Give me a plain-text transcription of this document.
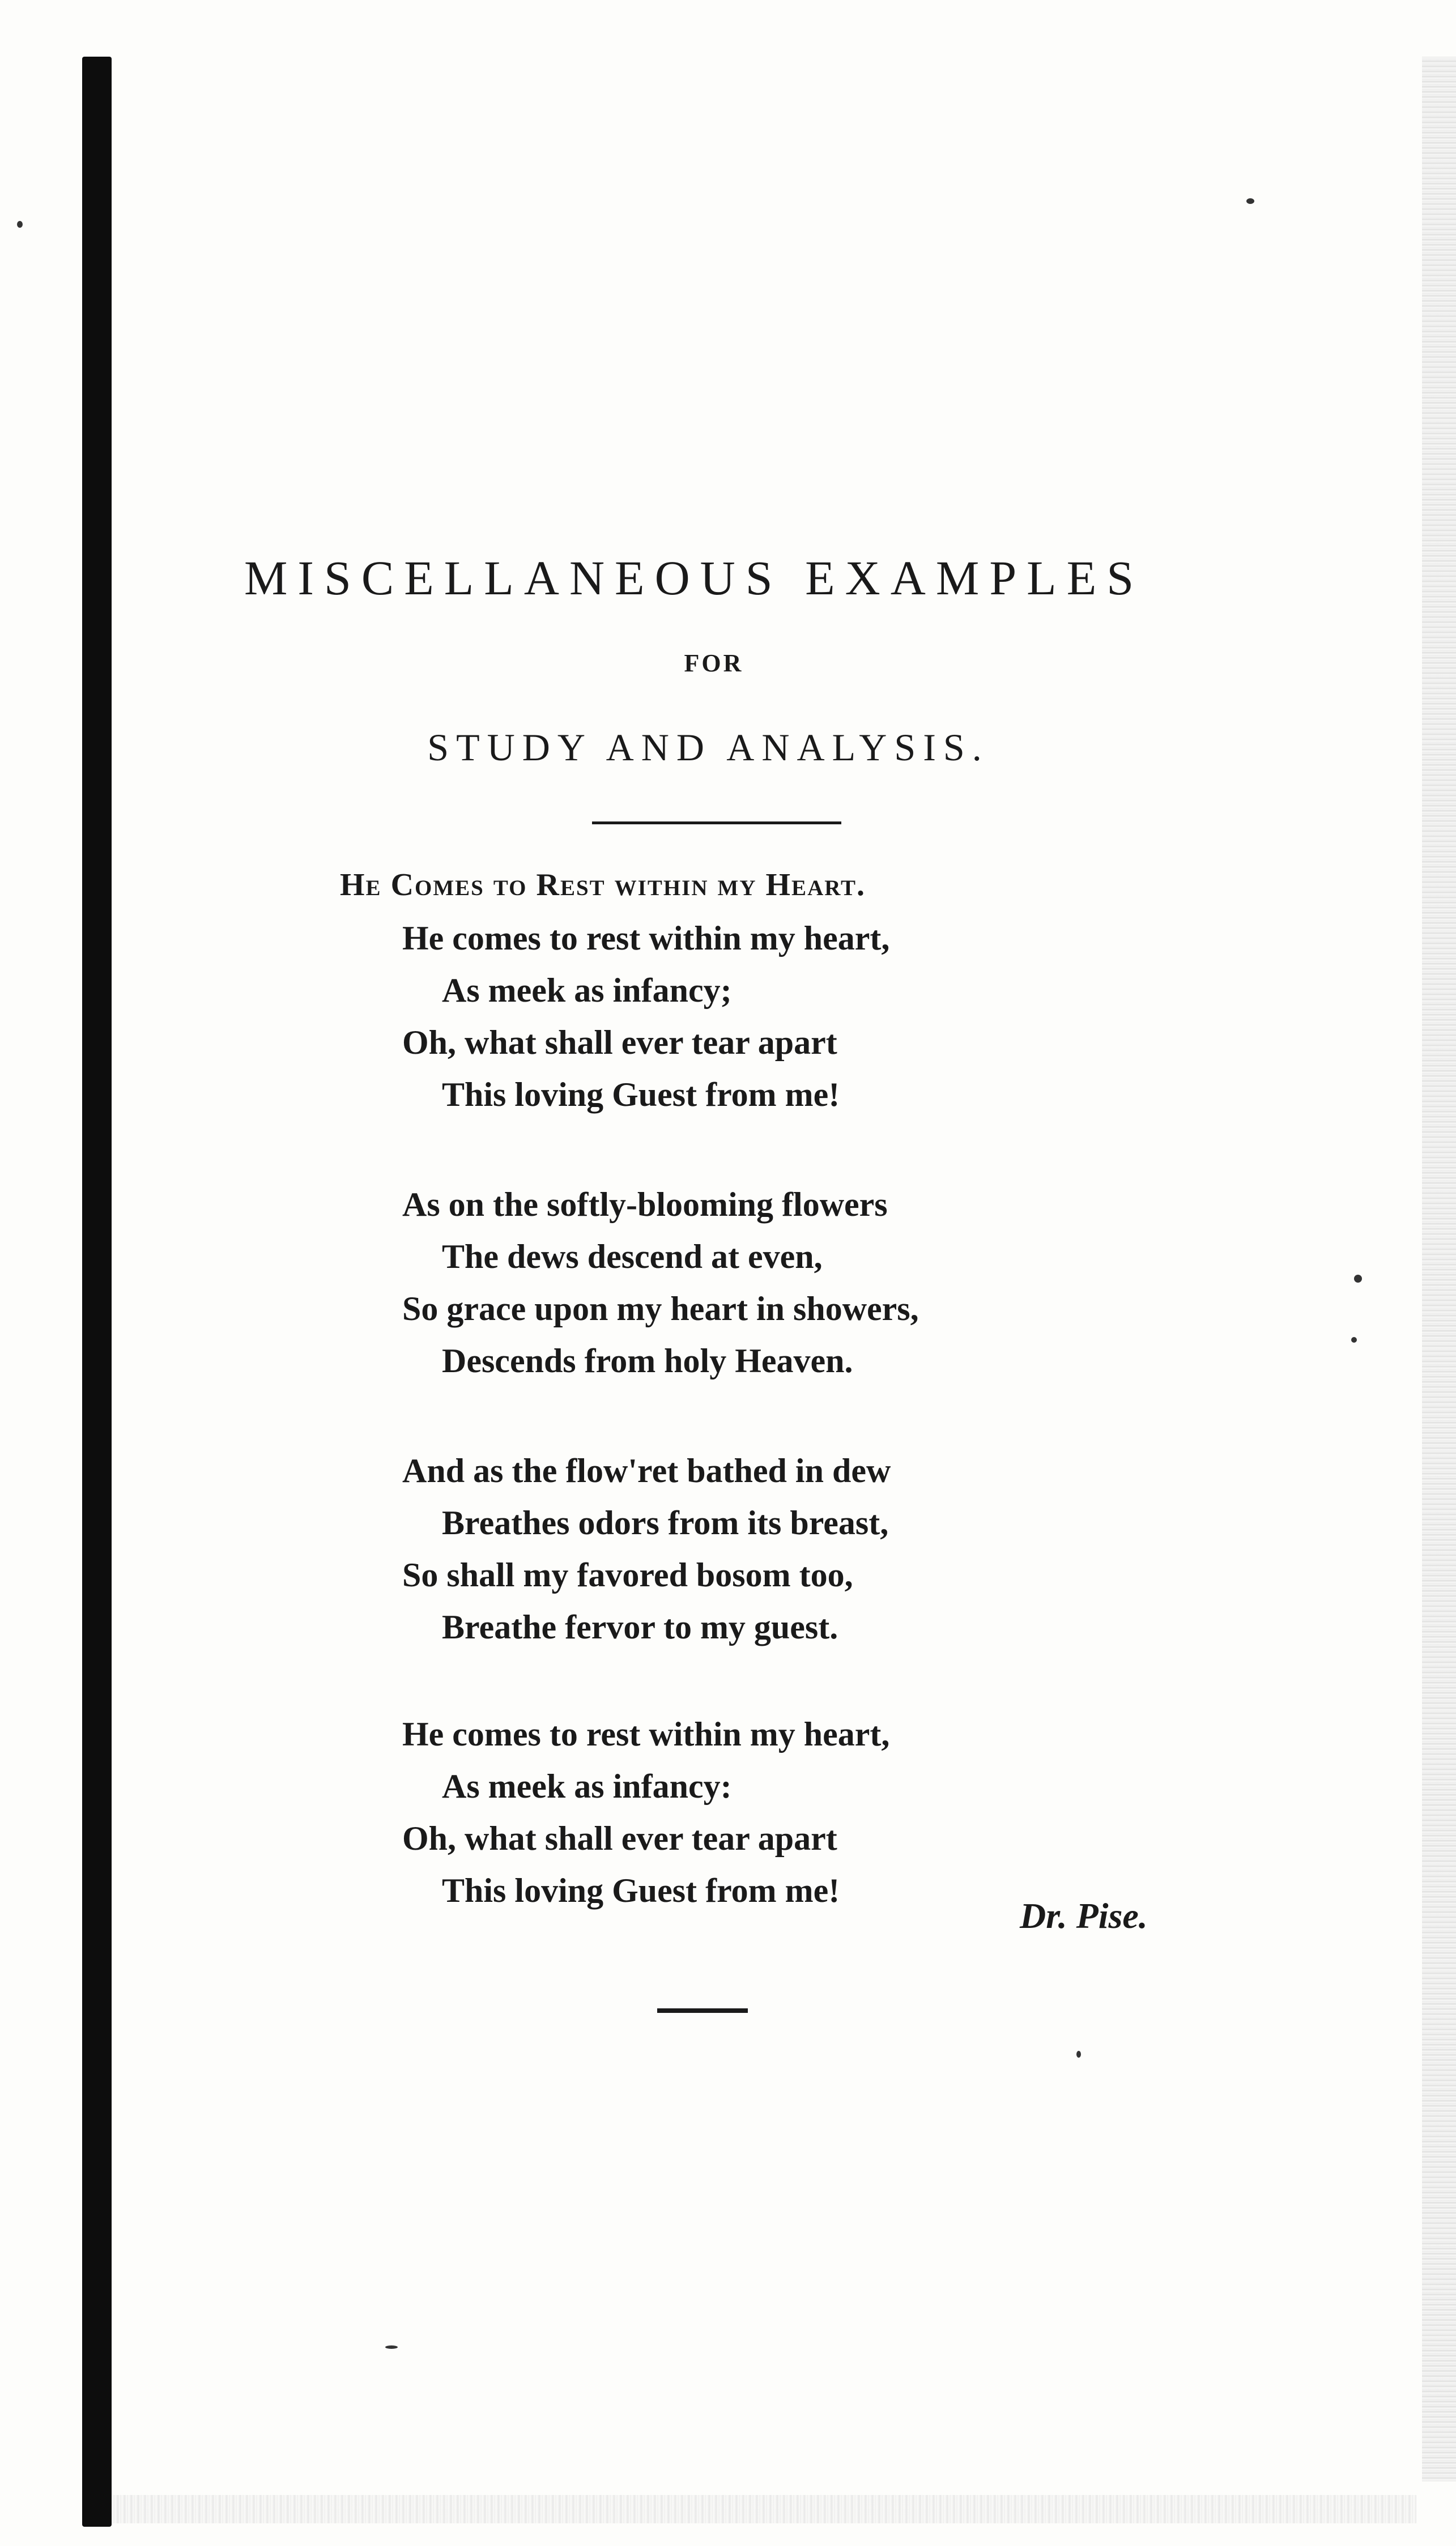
MISCELLANEOUS EXAMPLES
FOR
STUDY AND ANALYSIS.
He Comes to Rest within my Heart.
He comes to rest within my heart,
As meek as infancy;
Oh, what shall ever tear apart
This loving Guest from me!
As on the softly-blooming flowers
The dews descend at even,
So grace upon my heart in showers,
Descends from holy Heaven.
And as the flow'ret bathed in dew
Breathes odors from its breast,
So shall my favored bosom too,
Breathe fervor to my guest.
He comes to rest within my heart,
As meek as infancy:
Oh, what shall ever tear apart
This loving Guest from me!
Dr. Pise.
